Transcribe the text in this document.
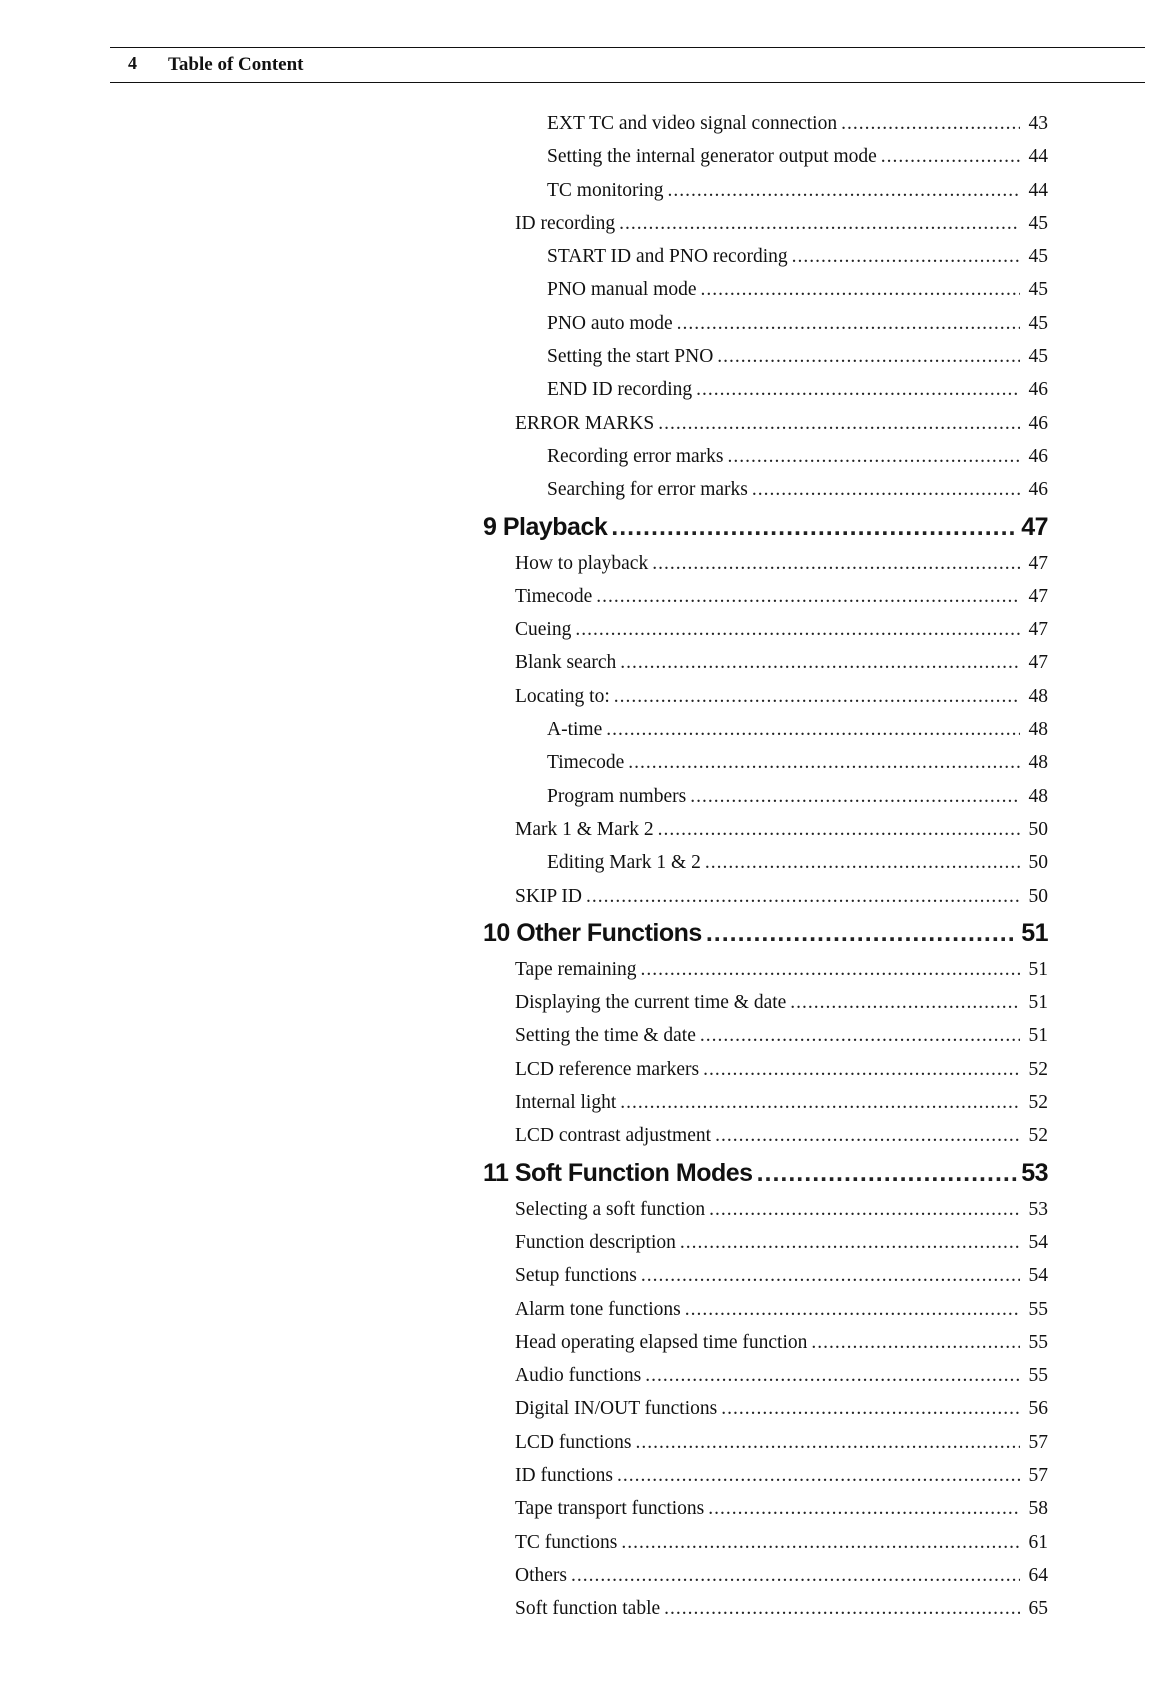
4 Table of Content
EXT TC and video signal connection .....	43
Setting the internal generator output mode .....	44
TC monitoring .....	44
ID recording .....	45
START ID and PNO recording .....	45
PNO manual mode .....	45
PNO auto mode .....	45
Setting the start PNO .....	45
END ID recording .....	46
ERROR MARKS .....	46
Recording error marks .....	46
Searching for error marks .....	46
9 Playback .....	47
How to playback .....	47
Timecode .....	47
Cueing .....	47
Blank search .....	47
Locating to: .....	48
A-time .....	48
Timecode .....	48
Program numbers .....	48
Mark 1 & Mark 2 .....	50
Editing Mark 1 & 2 .....	50
SKIP ID .....	50
10 Other Functions .....	51
Tape remaining .....	51
Displaying the current time & date .....	51
Setting the time & date .....	51
LCD reference markers .....	52
Internal light .....	52
LCD contrast adjustment .....	52
11 Soft Function Modes .....	53
Selecting a soft function .....	53
Function description .....	54
Setup functions .....	54
Alarm tone functions .....	55
Head operating elapsed time function .....	55
Audio functions .....	55
Digital IN/OUT functions .....	56
LCD functions .....	57
ID functions .....	57
Tape transport functions .....	58
TC functions .....	61
Others .....	64
Soft function table .....	65
